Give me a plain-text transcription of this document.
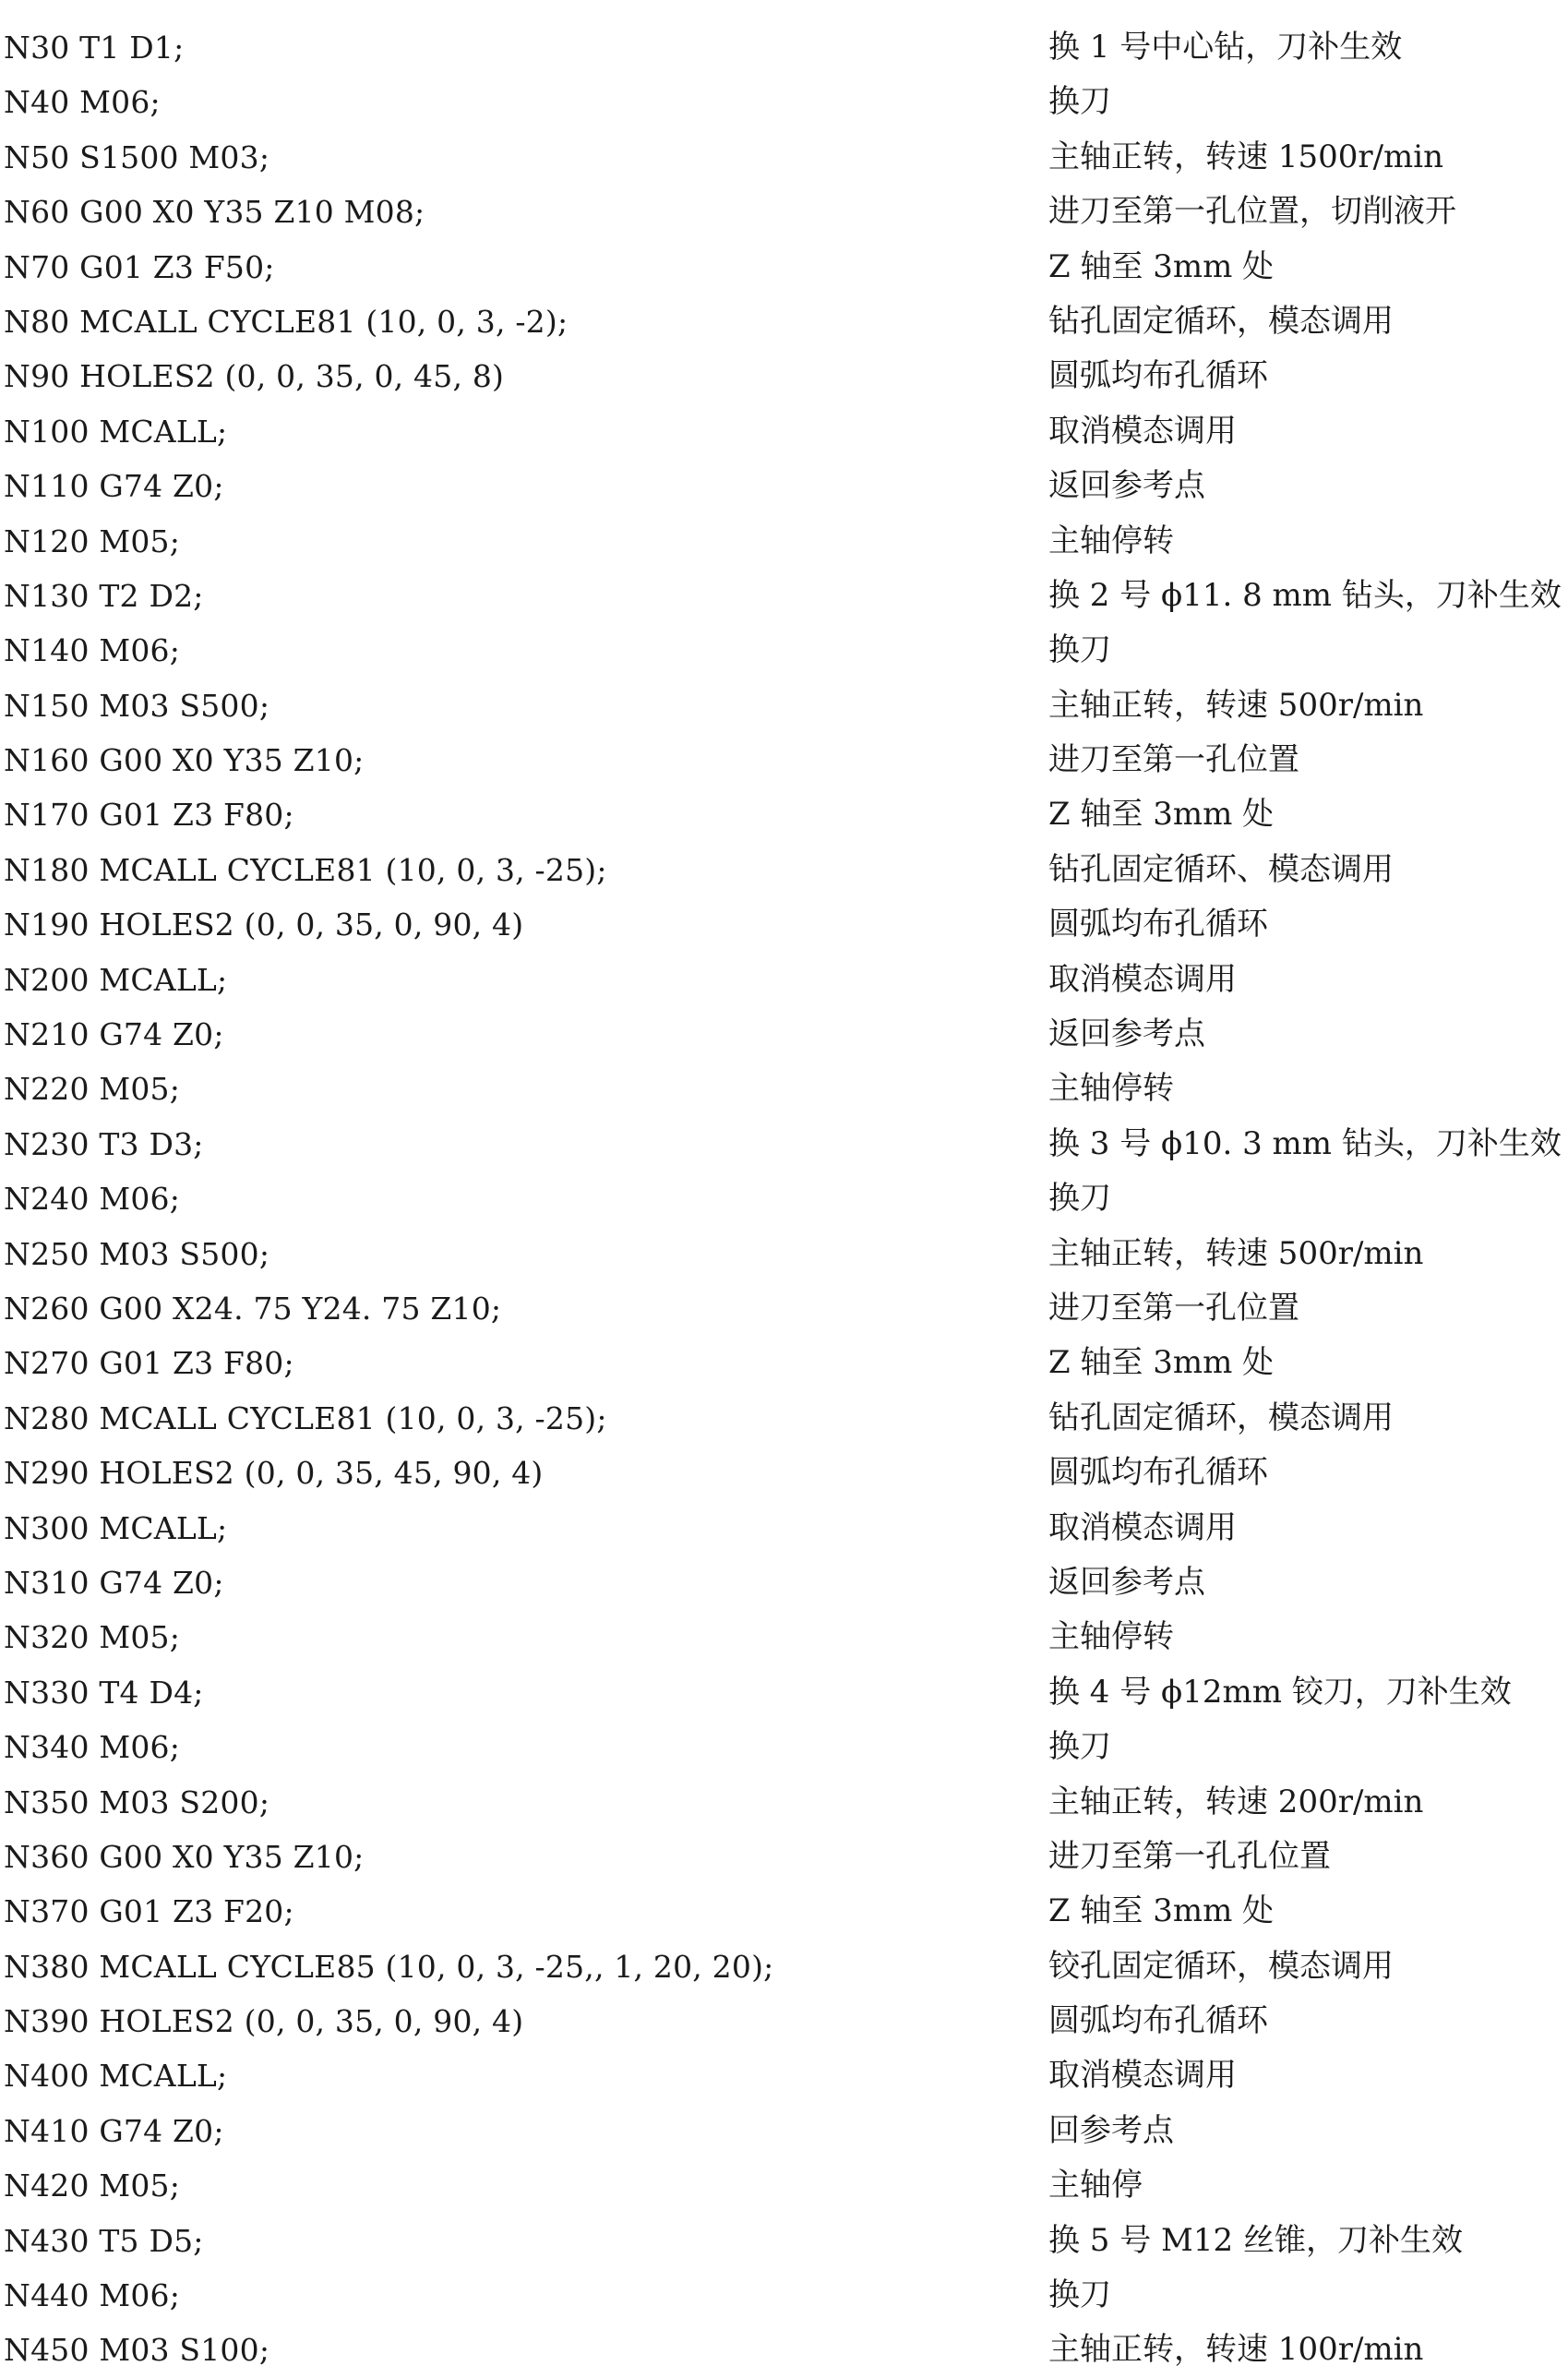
N30 T1 D1;	换 1 号中心钻，刀补生效
N40 M06;	换刀
N50 S1500 M03;	主轴正转，转速 1500r/min
N60 G00 X0 Y35 Z10 M08;	进刀至第一孔位置，切削液开
N70 G01 Z3 F50;	Z 轴至 3mm 处
N80 MCALL CYCLE81 (10, 0, 3, -2);	钻孔固定循环，模态调用
N90 HOLES2 (0, 0, 35, 0, 45, 8)	圆弧均布孔循环
N100 MCALL;	取消模态调用
N110 G74 Z0;	返回参考点
N120 M05;	主轴停转
N130 T2 D2;	换 2 号 ϕ11. 8 mm 钻头，刀补生效
N140 M06;	换刀
N150 M03 S500;	主轴正转，转速 500r/min
N160 G00 X0 Y35 Z10;	进刀至第一孔位置
N170 G01 Z3 F80;	Z 轴至 3mm 处
N180 MCALL CYCLE81 (10, 0, 3, -25);	钻孔固定循环、模态调用
N190 HOLES2 (0, 0, 35, 0, 90, 4)	圆弧均布孔循环
N200 MCALL;	取消模态调用
N210 G74 Z0;	返回参考点
N220 M05;	主轴停转
N230 T3 D3;	换 3 号 ϕ10. 3 mm 钻头，刀补生效
N240 M06;	换刀
N250 M03 S500;	主轴正转，转速 500r/min
N260 G00 X24. 75 Y24. 75 Z10;	进刀至第一孔位置
N270 G01 Z3 F80;	Z 轴至 3mm 处
N280 MCALL CYCLE81 (10, 0, 3, -25);	钻孔固定循环，模态调用
N290 HOLES2 (0, 0, 35, 45, 90, 4)	圆弧均布孔循环
N300 MCALL;	取消模态调用
N310 G74 Z0;	返回参考点
N320 M05;	主轴停转
N330 T4 D4;	换 4 号 ϕ12mm 铰刀，刀补生效
N340 M06;	换刀
N350 M03 S200;	主轴正转，转速 200r/min
N360 G00 X0 Y35 Z10;	进刀至第一孔孔位置
N370 G01 Z3 F20;	Z 轴至 3mm 处
N380 MCALL CYCLE85 (10, 0, 3, -25,, 1, 20, 20);	铰孔固定循环，模态调用
N390 HOLES2 (0, 0, 35, 0, 90, 4)	圆弧均布孔循环
N400 MCALL;	取消模态调用
N410 G74 Z0;	回参考点
N420 M05;	主轴停
N430 T5 D5;	换 5 号 M12 丝锥，刀补生效
N440 M06;	换刀
N450 M03 S100;	主轴正转，转速 100r/min
